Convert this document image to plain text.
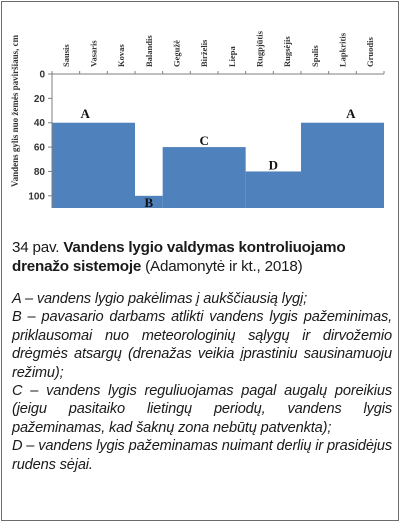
0
20
40
60
80
100
Sausis Vasaris Kovas Balandis Gegužė Birželis Liepa Rugpjūtis Rugsėjis Spalis Lapkritis Gruodis
Vandens gylis nuo žemės paviršiaus, cm	A
B
C
D
A
34 pav. Vandens lygio valdymas kontroliuojamo drenažo sistemoje (Adamonytė ir kt., 2018)

A – vandens lygio pakėlimas į aukščiausią lygį;

B – pavasario darbams atlikti vandens lygis pažeminimas, priklausomai nuo meteorologinių sąlygų ir dirvožemio drėgmės atsargų (drenažas veikia įprastiniu sausinamuoju režimu);

C – vandens lygis reguliuojamas pagal augalų poreikius (jeigu pasitaiko lietingų periodų, vandens lygis pažeminamas, kad šaknų zona nebūtų patvenkta);

D – vandens lygis pažeminamas nuimant derlių ir prasidėjus rudens sėjai.
